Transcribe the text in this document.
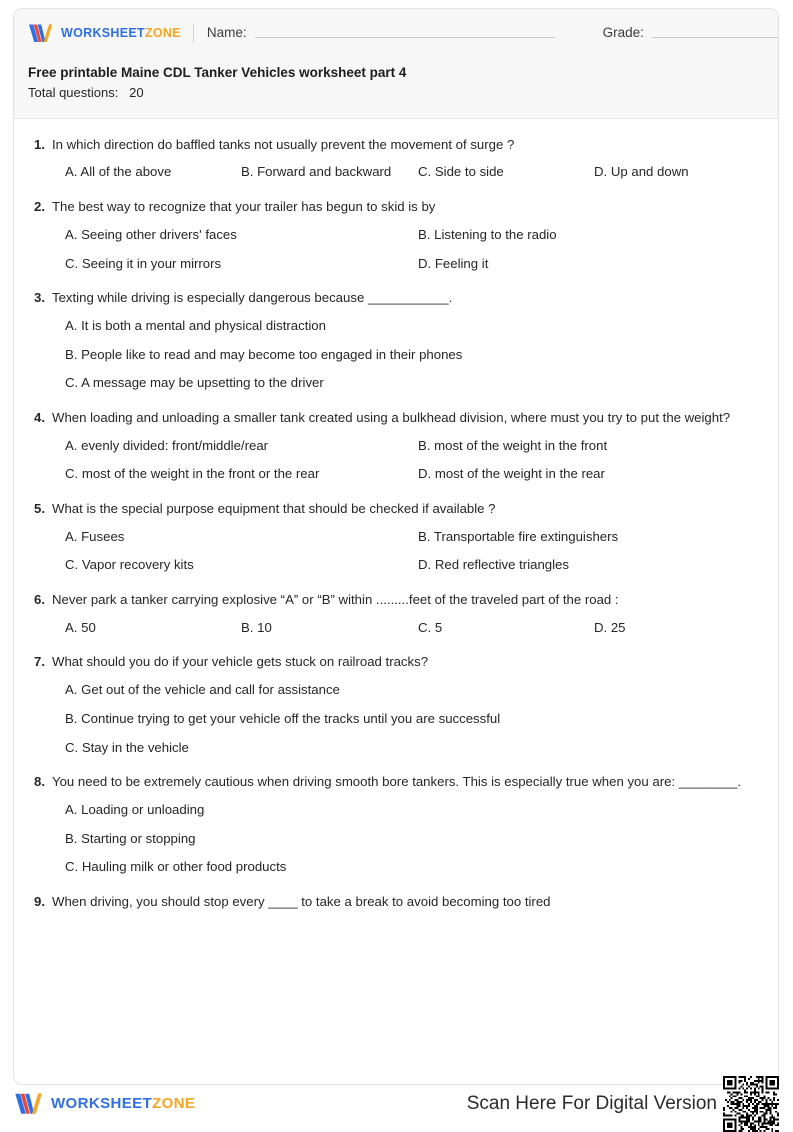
WORKSHEETZONE Name:	Grade:
Free printable Maine CDL Tanker Vehicles worksheet part 4
Total questions:   20
1. In which direction do baffled tanks not usually prevent the movement of surge ?
A. All of the above	B. Forward and backward	C. Side to side	D. Up and down
2. The best way to recognize that your trailer has begun to skid is by
A. Seeing other drivers' faces	B. Listening to the radio
C. Seeing it in your mirrors	D. Feeling it
3. Texting while driving is especially dangerous because ___________.
A. It is both a mental and physical distraction
B. People like to read and may become too engaged in their phones
C. A message may be upsetting to the driver
4. When loading and unloading a smaller tank created using a bulkhead division, where must you try to put the weight?
A. evenly divided: front/middle/rear	B. most of the weight in the front
C. most of the weight in the front or the rear	D. most of the weight in the rear
5. What is the special purpose equipment that should be checked if available ?
A. Fusees	B. Transportable fire extinguishers
C. Vapor recovery kits	D. Red reflective triangles
6. Never park a tanker carrying explosive “A” or “B” within .........feet of the traveled part of the road :
A. 50	B. 10	C. 5	D. 25
7. What should you do if your vehicle gets stuck on railroad tracks?
A. Get out of the vehicle and call for assistance
B. Continue trying to get your vehicle off the tracks until you are successful
C. Stay in the vehicle
8. You need to be extremely cautious when driving smooth bore tankers. This is especially true when you are: ________.
A. Loading or unloading
B. Starting or stopping
C. Hauling milk or other food products
9. When driving, you should stop every ____ to take a break to avoid becoming too tired
WORKSHEETZONE	Scan Here For Digital Version
